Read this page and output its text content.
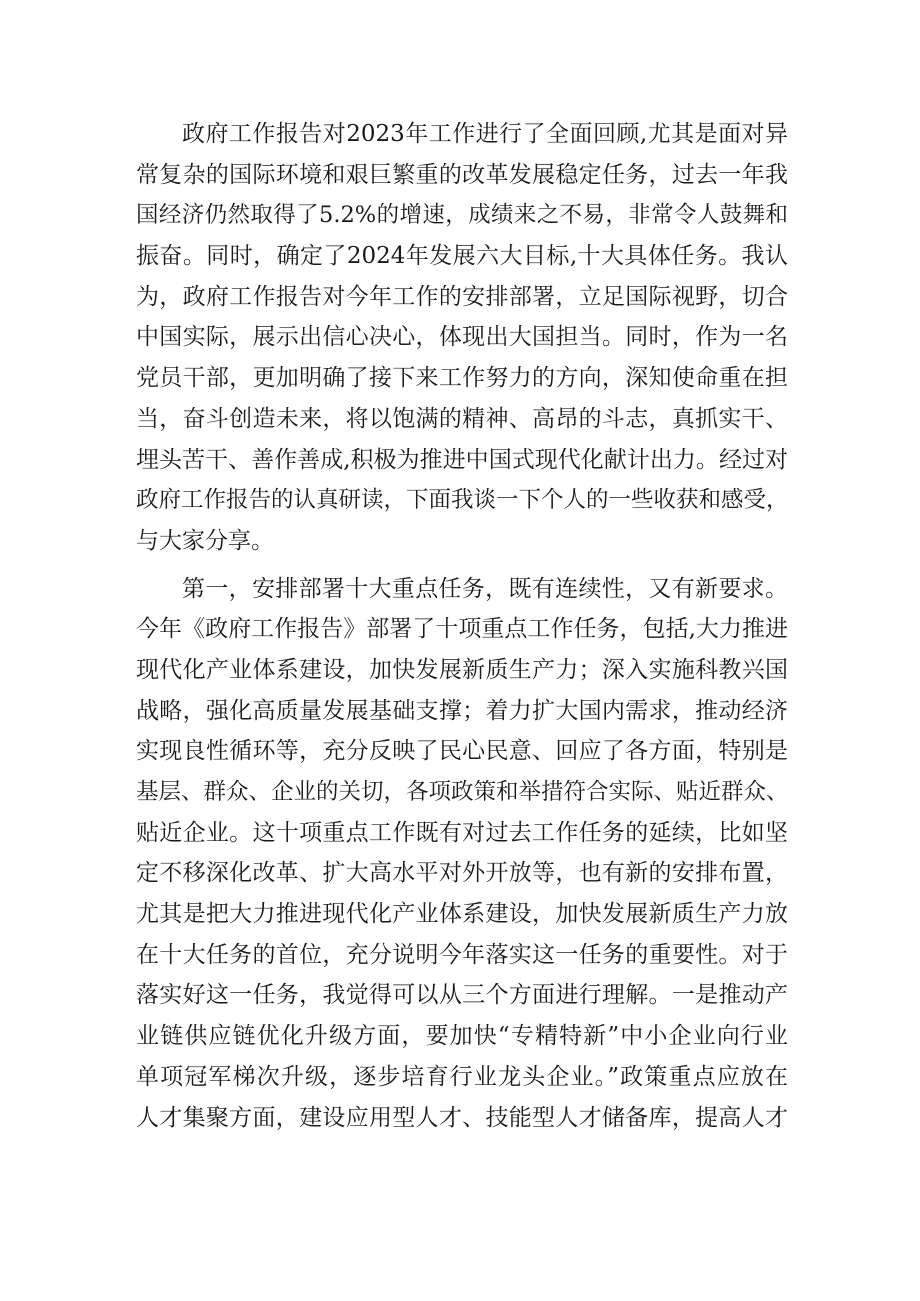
政府工作报告对2023年工作进行了全面回顾,尤其是面对异
常复杂的国际环境和艰巨繁重的改革发展稳定任务，过去一年我
国经济仍然取得了5.2%的增速，成绩来之不易，非常令人鼓舞和
振奋。同时，确定了2024年发展六大目标,十大具体任务。我认
为，政府工作报告对今年工作的安排部署，立足国际视野，切合
中国实际，展示出信心决心，体现出大国担当。同时，作为一名
党员干部，更加明确了接下来工作努力的方向，深知使命重在担
当，奋斗创造未来，将以饱满的精神、高昂的斗志，真抓实干、
埋头苦干、善作善成,积极为推进中国式现代化献计出力。经过对
政府工作报告的认真研读，下面我谈一下个人的一些收获和感受，
与大家分享。
第一，安排部署十大重点任务，既有连续性，又有新要求。
今年《政府工作报告》部署了十项重点工作任务，包括,大力推进
现代化产业体系建设，加快发展新质生产力；深入实施科教兴国
战略，强化高质量发展基础支撑；着力扩大国内需求，推动经济
实现良性循环等，充分反映了民心民意、回应了各方面，特别是
基层、群众、企业的关切，各项政策和举措符合实际、贴近群众、
贴近企业。这十项重点工作既有对过去工作任务的延续，比如坚
定不移深化改革、扩大高水平对外开放等，也有新的安排布置，
尤其是把大力推进现代化产业体系建设，加快发展新质生产力放
在十大任务的首位，充分说明今年落实这一任务的重要性。对于
落实好这一任务，我觉得可以从三个方面进行理解。一是推动产
业链供应链优化升级方面，要加快“专精特新”中小企业向行业
单项冠军梯次升级，逐步培育行业龙头企业。”政策重点应放在
人才集聚方面，建设应用型人才、技能型人才储备库，提高人才
